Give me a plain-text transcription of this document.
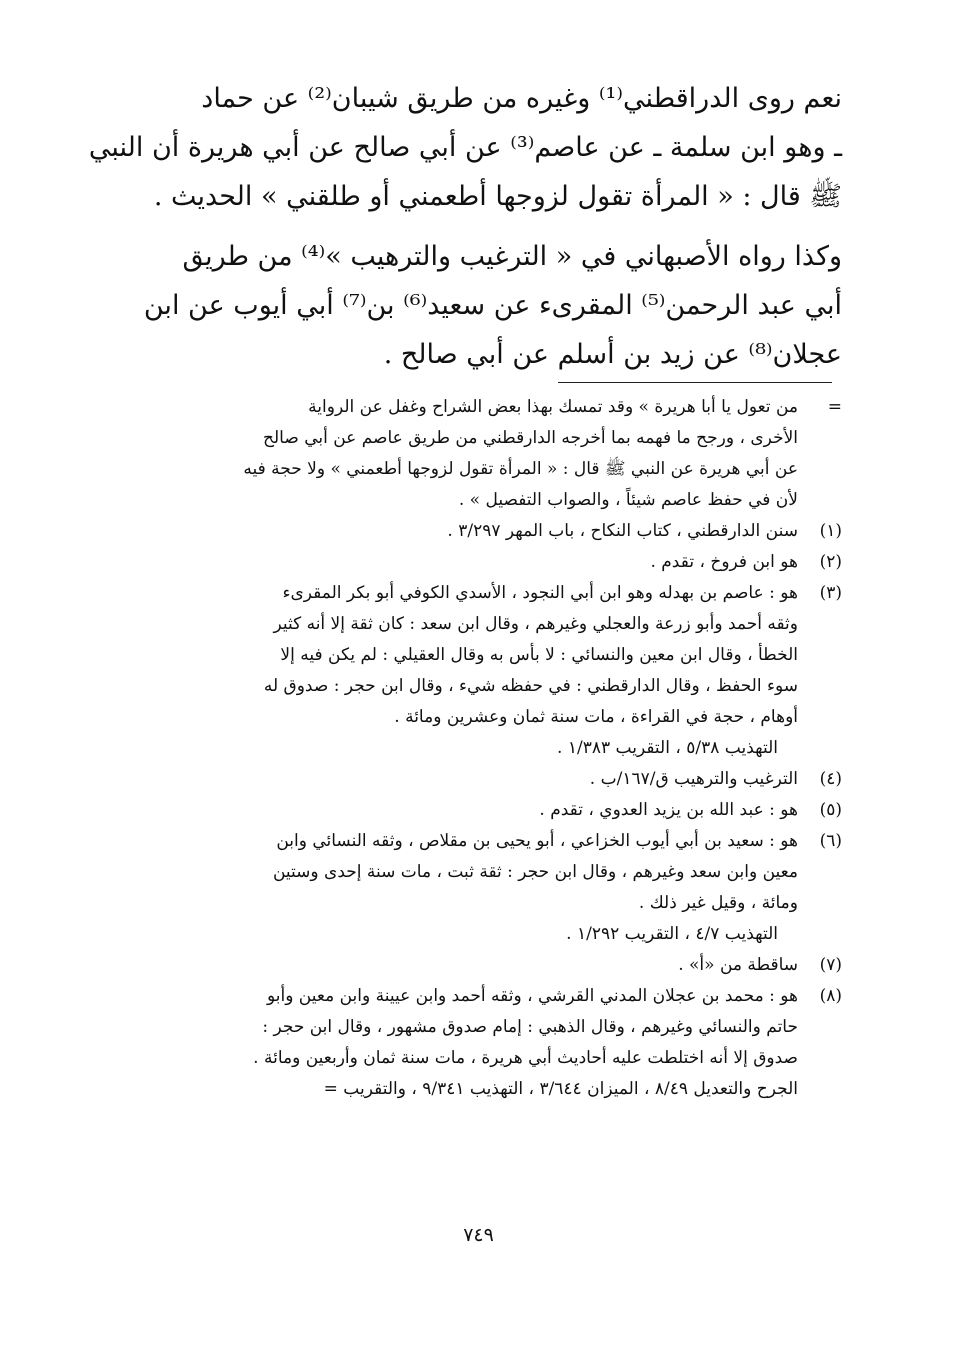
نعم روى الدراقطني⁽¹⁾ وغيره من طريق شيبان⁽²⁾ عن حماد
ـ وهو ابن سلمة ـ عن عاصم⁽³⁾ عن أبي صالح عن أبي هريرة أن النبي
ﷺ قال : « المرأة تقول لزوجها أطعمني أو طلقني » الحديث .
وكذا رواه الأصبهاني في « الترغيب والترهيب »⁽⁴⁾ من طريق
أبي عبد الرحمن⁽⁵⁾ المقرىء عن سعيد⁽⁶⁾ بن⁽⁷⁾ أبي أيوب عن ابن
عجلان⁽⁸⁾ عن زيد بن أسلم عن أبي صالح .
=
من تعول يا أبا هريرة » وقد تمسك بهذا بعض الشراح وغفل عن الرواية
الأخرى ، ورجح ما فهمه بما أخرجه الدارقطني من طريق عاصم عن أبي صالح
عن أبي هريرة عن النبي ﷺ قال : « المرأة تقول لزوجها أطعمني » ولا حجة فيه
لأن في حفظ عاصم شيئاً ، والصواب التفصيل » .
(١)
سنن الدارقطني ، كتاب النكاح ، باب المهر ٣/٢٩٧ .
(٢)
هو ابن فروخ ، تقدم .
(٣)
هو : عاصم بن بهدله وهو ابن أبي النجود ، الأسدي الكوفي أبو بكر المقرىء
وثقه أحمد وأبو زرعة والعجلي وغيرهم ، وقال ابن سعد : كان ثقة إلا أنه كثير
الخطأ ، وقال ابن معين والنسائي : لا بأس به وقال العقيلي : لم يكن فيه إلا
سوء الحفظ ، وقال الدارقطني : في حفظه شيء ، وقال ابن حجر : صدوق له
أوهام ، حجة في القراءة ، مات سنة ثمان وعشرين ومائة .
التهذيب ٥/٣٨ ، التقريب ١/٣٨٣ .
(٤)
الترغيب والترهيب ق/١٦٧/ب .
(٥)
هو : عبد الله بن يزيد العدوي ، تقدم .
(٦)
هو : سعيد بن أبي أيوب الخزاعي ، أبو يحيى بن مقلاص ، وثقه النسائي وابن
معين وابن سعد وغيرهم ، وقال ابن حجر : ثقة ثبت ، مات سنة إحدى وستين
ومائة ، وقيل غير ذلك .
التهذيب ٤/٧ ، التقريب ١/٢٩٢ .
(٧)
ساقطة من «أ» .
(٨)
هو : محمد بن عجلان المدني القرشي ، وثقه أحمد وابن عيينة وابن معين وأبو
حاتم والنسائي وغيرهم ، وقال الذهبي : إمام صدوق مشهور ، وقال ابن حجر :
صدوق إلا أنه اختلطت عليه أحاديث أبي هريرة ، مات سنة ثمان وأربعين ومائة .
الجرح والتعديل ٨/٤٩ ، الميزان ٣/٦٤٤ ، التهذيب ٩/٣٤١ ، والتقريب =
٧٤٩
